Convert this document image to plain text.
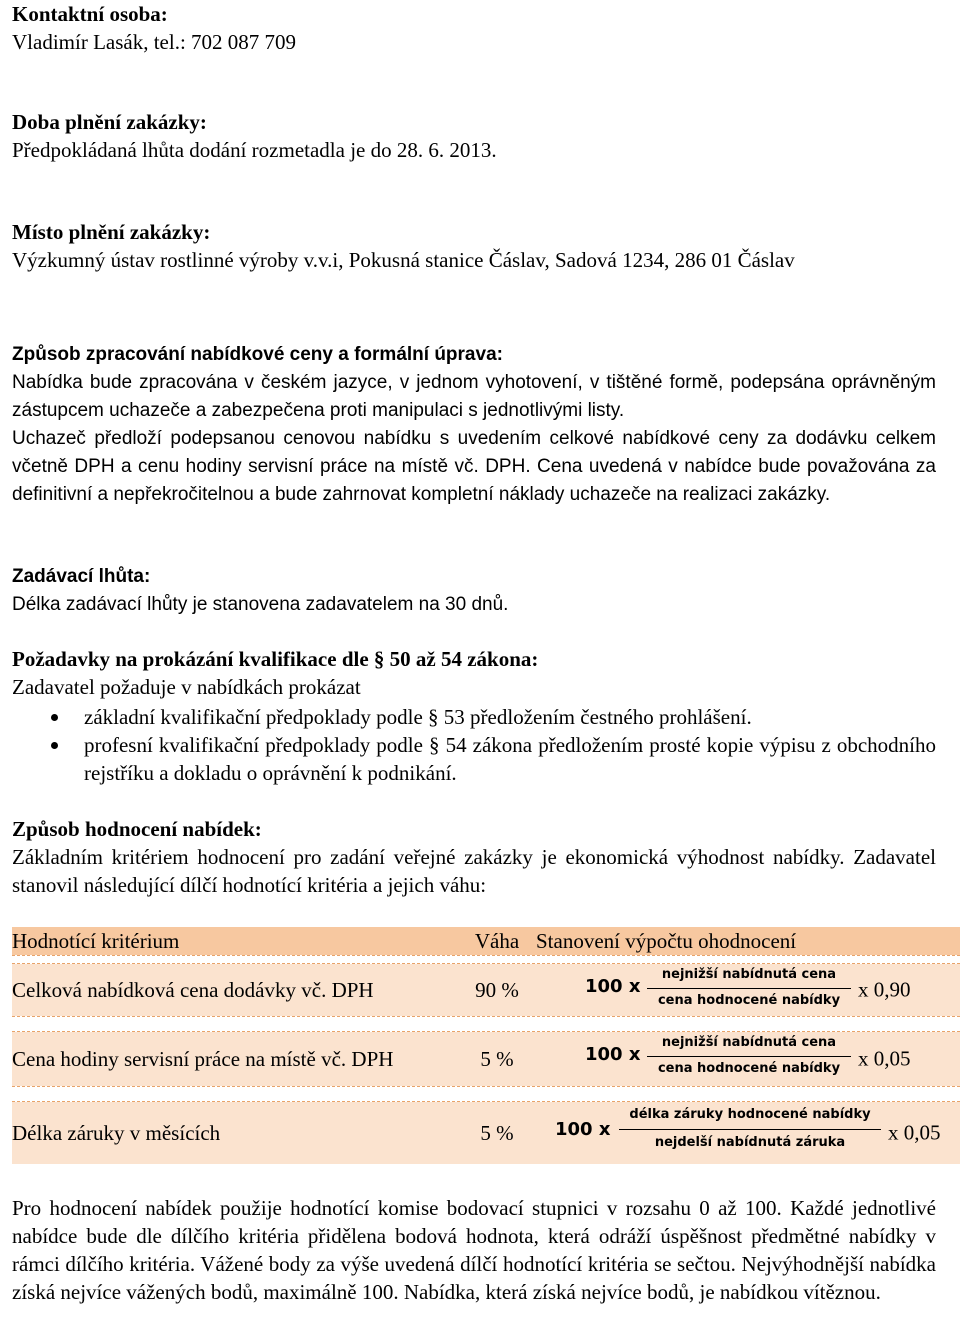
Kontaktní osoba:
Vladimír Lasák, tel.: 702 087 709
Doba plnění zakázky:
Předpokládaná lhůta dodání rozmetadla je do 28. 6. 2013.
Místo plnění zakázky:
Výzkumný ústav rostlinné výroby v.v.i, Pokusná stanice Čáslav, Sadová 1234, 286 01 Čáslav
Způsob zpracování nabídkové ceny a formální úprava:
Nabídka bude zpracována v českém jazyce, v jednom vyhotovení, v tištěné formě, podepsána oprávněným zástupcem uchazeče a zabezpečena proti manipulaci s jednotlivými listy.
Uchazeč předloží podepsanou cenovou nabídku s uvedením celkové nabídkové ceny za dodávku celkem včetně DPH a cenu hodiny servisní práce na místě vč. DPH. Cena uvedená v nabídce bude považována za definitivní a nepřekročitelnou a bude zahrnovat kompletní náklady uchazeče na realizaci zakázky.
Zadávací lhůta:
Délka zadávací lhůty je stanovena zadavatelem na 30 dnů.
Požadavky na prokázání kvalifikace dle § 50 až 54 zákona:
Zadavatel požaduje v nabídkách prokázat
základní kvalifikační předpoklady podle § 53 předložením čestného prohlášení.
profesní kvalifikační předpoklady podle § 54 zákona předložením prosté kopie výpisu z obchodního rejstříku a dokladu o oprávnění k podnikání.
Způsob hodnocení nabídek:
Základním kritériem hodnocení pro zadání veřejné zakázky je ekonomická výhodnost nabídky. Zadavatel stanovil následující dílčí hodnotící kritéria a jejich váhu:
Hodnotící kritérium	Váha Stanovení výpočtu ohodnocení
Celková nabídková cena dodávky vč. DPH	90 %	100 x
nejnižší nabídnutá cena
cena hodnocené nabídky x 0,90
Cena hodiny servisní práce na místě vč. DPH	5 %	100 x
nejnižší nabídnutá cena
cena hodnocené nabídky x 0,05
Délka záruky v měsících	5 %	100 x
délka záruky hodnocené nabídky
nejdelší nabídnutá záruka	x 0,05
Pro hodnocení nabídek použije hodnotící komise bodovací stupnici v rozsahu 0 až 100. Každé jednotlivé nabídce bude dle dílčího kritéria přidělena bodová hodnota, která odráží úspěšnost předmětné nabídky v rámci dílčího kritéria. Vážené body za výše uvedená dílčí hodnotící kritéria se sečtou. Nejvýhodnější nabídka získá nejvíce vážených bodů, maximálně 100. Nabídka, která získá nejvíce bodů, je nabídkou vítěznou.
